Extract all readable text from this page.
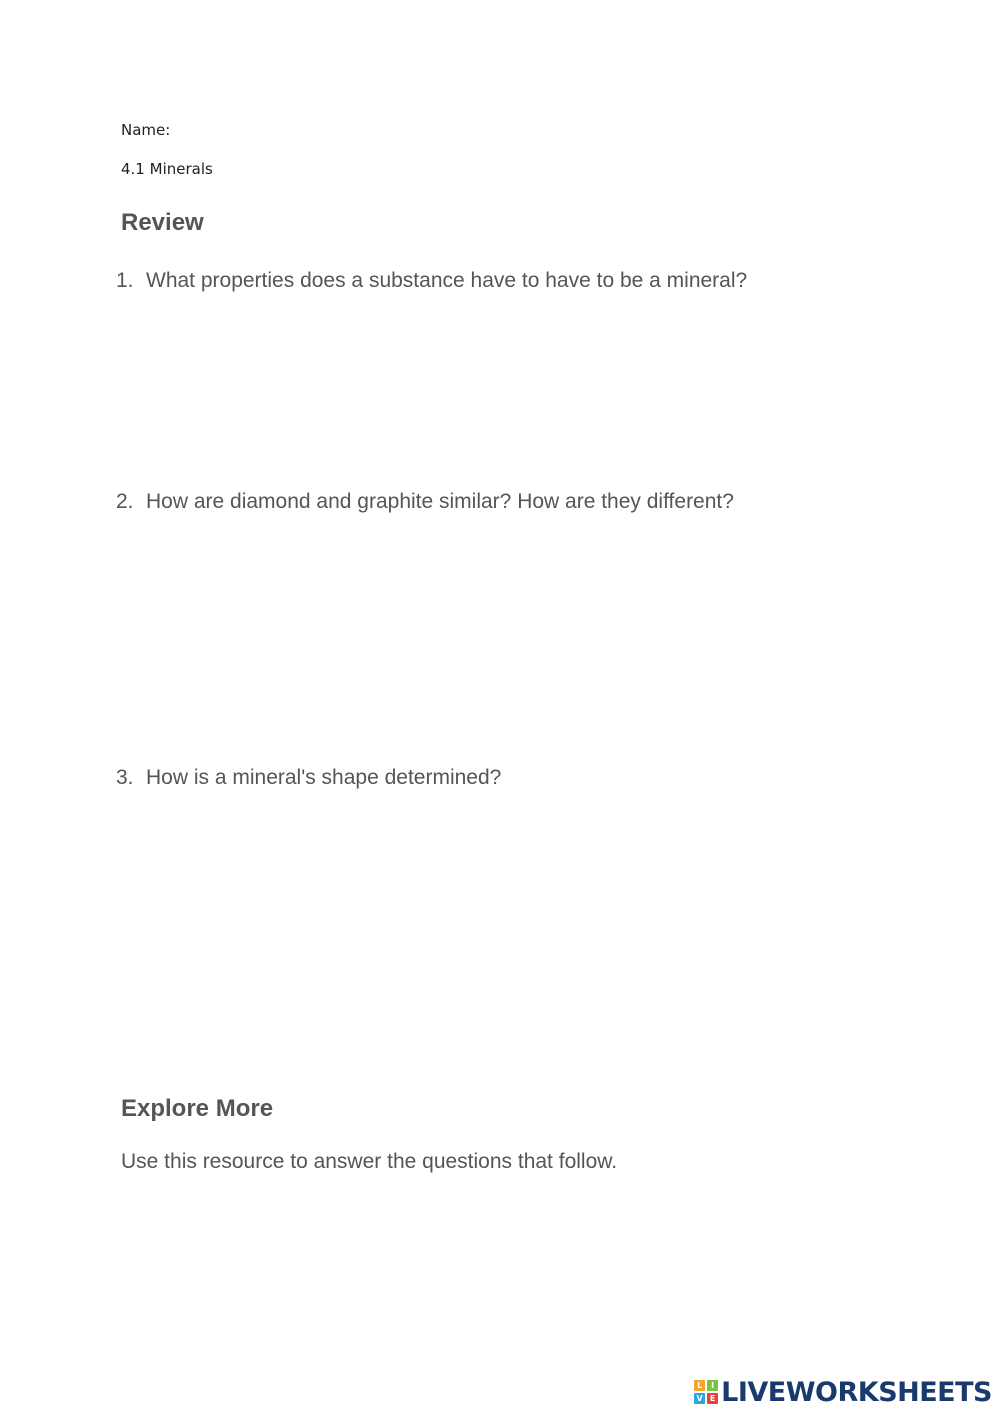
Name:
4.1 Minerals
Review
1. What properties does a substance have to have to be a mineral?
2. How are diamond and graphite similar? How are they different?
3. How is a mineral's shape determined?
Explore More
Use this resource to answer the questions that follow.
L	I
V E LIVEWORKSHEETS
